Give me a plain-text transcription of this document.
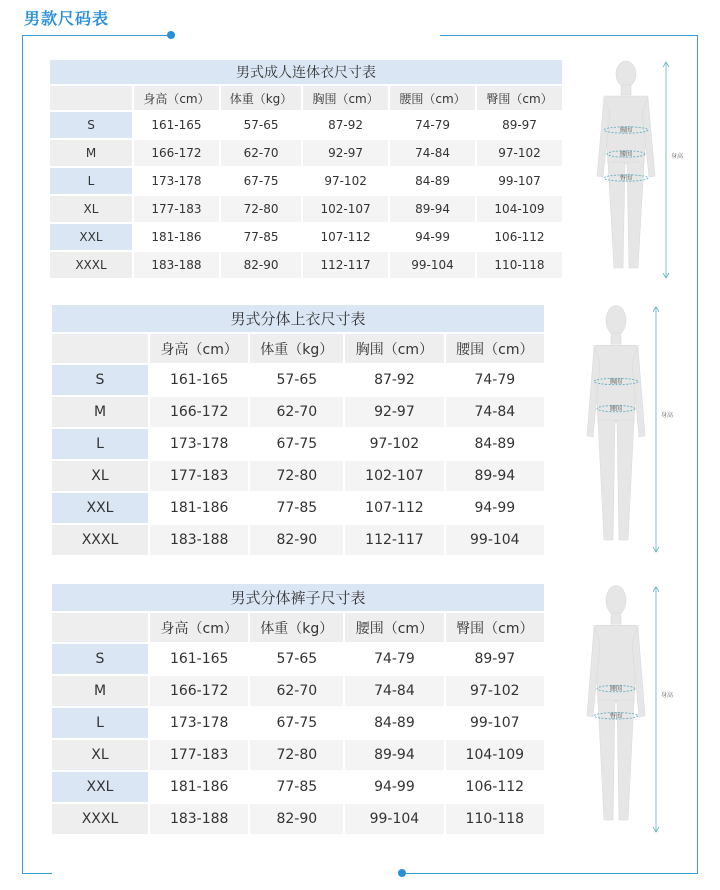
男款尺码表
男式成人连体衣尺寸表					
	身高（cm）	体重（kg）	胸围（cm）	腰围（cm）	臀围（cm）
S	161-165	57-65	87-92	74-79	89-97
M	166-172	62-70	92-97	74-84	97-102
L	173-178	67-75	97-102	84-89	99-107
XL	177-183	72-80	102-107	89-94	104-109
XXL	181-186	77-85	107-112	94-99	106-112
XXXL	183-188	82-90	112-117	99-104	110-118
男式分体上衣尺寸表				
	身高（cm）	体重（kg）	胸围（cm）	腰围（cm）
S	161-165	57-65	87-92	74-79
M	166-172	62-70	92-97	74-84
L	173-178	67-75	97-102	84-89
XL	177-183	72-80	102-107	89-94
XXL	181-186	77-85	107-112	94-99
XXXL	183-188	82-90	112-117	99-104
男式分体裤子尺寸表				
	身高（cm）	体重（kg）	腰围（cm）	臀围（cm）
S	161-165	57-65	74-79	89-97
M	166-172	62-70	74-84	97-102
L	173-178	67-75	84-89	99-107
XL	177-183	72-80	89-94	104-109
XXL	181-186	77-85	94-99	106-112
XXXL	183-188	82-90	99-104	110-118
胸围
腰围
臀围
身高
胸围
腰围
身高
腰围
臀围
身高
